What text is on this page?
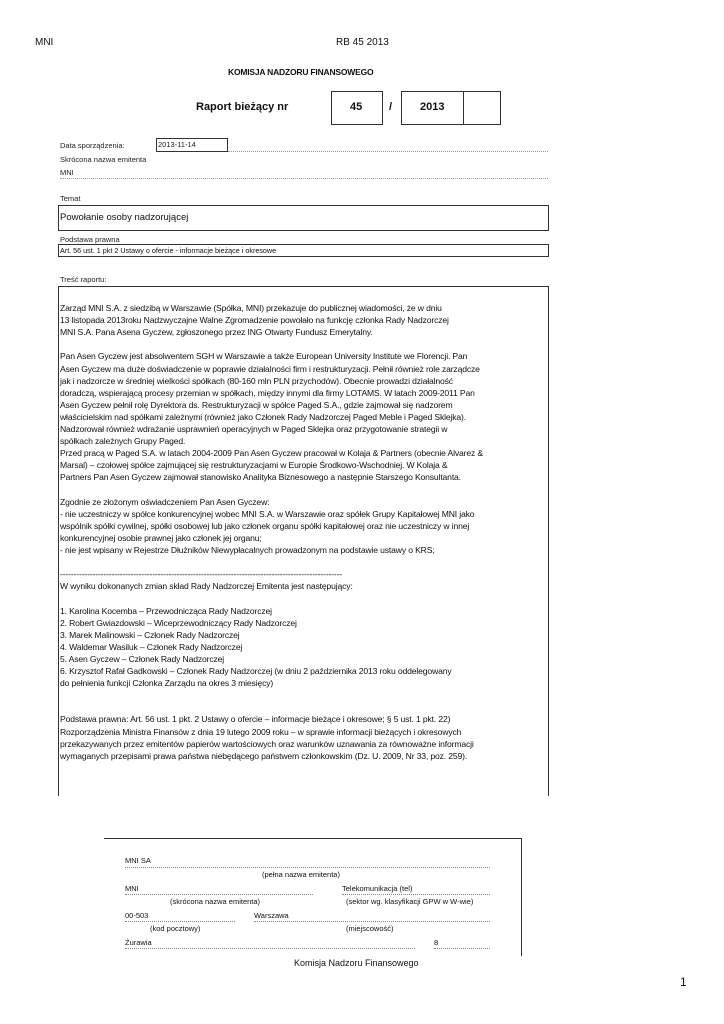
MNI	RB 45 2013
KOMISJA NADZORU FINANSOWEGO
Raport bieżący nr	45 /	2013
Data sporządzenia:	2013-11-14
Skrócona nazwa emitenta
MNI
Temat
Powołanie osoby nadzorującej
Podstawa prawna
Art. 56 ust. 1 pkt 2 Ustawy o ofercie - informacje bieżące i okresowe
Treść raportu:
Zarząd MNI S.A. z siedzibą w Warszawie (Spółka, MNI) przekazuje do publicznej wiadomości, że w dniu
13 listopada 2013roku Nadzwyczajne Walne Zgromadzenie powołało na funkcję członka Rady Nadzorczej
MNI S.A. Pana Asena Gyczew, zgłoszonego przez ING Otwarty Fundusz Emerytalny.
Pan Asen Gyczew jest absolwentem SGH w Warszawie a także European University Institute we Florencji. Pan
Asen Gyczew ma duże doświadczenie w poprawie działalności firm i restrukturyzacji. Pełnił również role zarządcze
jak i nadzorcze w średniej wielkości spółkach (80-160 mln PLN przychodów). Obecnie prowadzi działalność
doradczą, wspierającą procesy przemian w spółkach, między innymi dla firmy LOTAMS. W latach 2009-2011 Pan
Asen Gyczew pełnił rolę Dyrektora ds. Restrukturyzacji w spółce Paged S.A., gdzie zajmował się nadzorem
właścicielskim nad spółkami zależnymi (również jako Członek Rady Nadzorczej Paged Meble i Paged Sklejka).
Nadzorował również wdrażanie usprawnień operacyjnych w Paged Sklejka oraz przygotowanie strategii w
spółkach zależnych Grupy Paged.
Przed pracą w Paged S.A. w latach 2004-2009 Pan Asen Gyczew pracował w Kolaja & Partners (obecnie Alvarez &
Marsal) – czołowej spółce zajmującej się restrukturyzacjami w Europie Środkowo-Wschodniej. W Kolaja &
Partners Pan Asen Gyczew zajmował stanowisko Analityka Biznesowego a następnie Starszego Konsultanta.
Zgodnie ze złożonym oświadczeniem Pan Asen Gyczew:
- nie uczestniczy w spółce konkurencyjnej wobec MNI S.A. w Warszawie oraz spółek Grupy Kapitałowej MNI jako
wspólnik spółki cywilnej, spółki osobowej lub jako członek organu spółki kapitałowej oraz nie uczestniczy w innej
konkurencyjnej osobie prawnej jako członek jej organu;
- nie jest wpisany w Rejestrze Dłużników Niewypłacalnych prowadzonym na podstawie ustawy o KRS;
--------------------------------------------------------------------------------------------------------
W wyniku dokonanych zmian skład Rady Nadzorczej Emitenta jest następujący:
1. Karolina Kocemba – Przewodnicząca Rady Nadzorczej
2. Robert Gwiazdowski – Wiceprzewodniczący Rady Nadzorczej
3. Marek Malinowski – Członek Rady Nadzorczej
4. Waldemar Wasiluk – Członek Rady Nadzorczej
5. Asen Gyczew – Członek Rady Nadzorczej
6. Krzysztof Rafał Gadkowski – Członek Rady Nadzorczej (w dniu 2 października 2013 roku oddelegowany
do pełnienia funkcji Członka Zarządu na okres 3 miesięcy)
Podstawa prawna: Art. 56 ust. 1 pkt. 2 Ustawy o ofercie – informacje bieżące i okresowe; § 5 ust. 1 pkt. 22)
Rozporządzenia Ministra Finansów z dnia 19 lutego 2009 roku – w sprawie informacji bieżących i okresowych
przekazywanych przez emitentów papierów wartościowych oraz warunków uznawania za równoważne informacji
wymaganych przepisami prawa państwa niebędącego państwem członkowskim (Dz. U. 2009, Nr 33, poz. 259).
MNI SA
(pełna nazwa emitenta)
MNI	Telekomunikacja (tel)
(skrócona nazwa emitenta)	(sektor wg. klasyfikacji GPW w W-wie)
00-503	Warszawa
(kod pocztowy)	(miejscowość)
Żurawia	8
Komisja Nadzoru Finansowego
1
